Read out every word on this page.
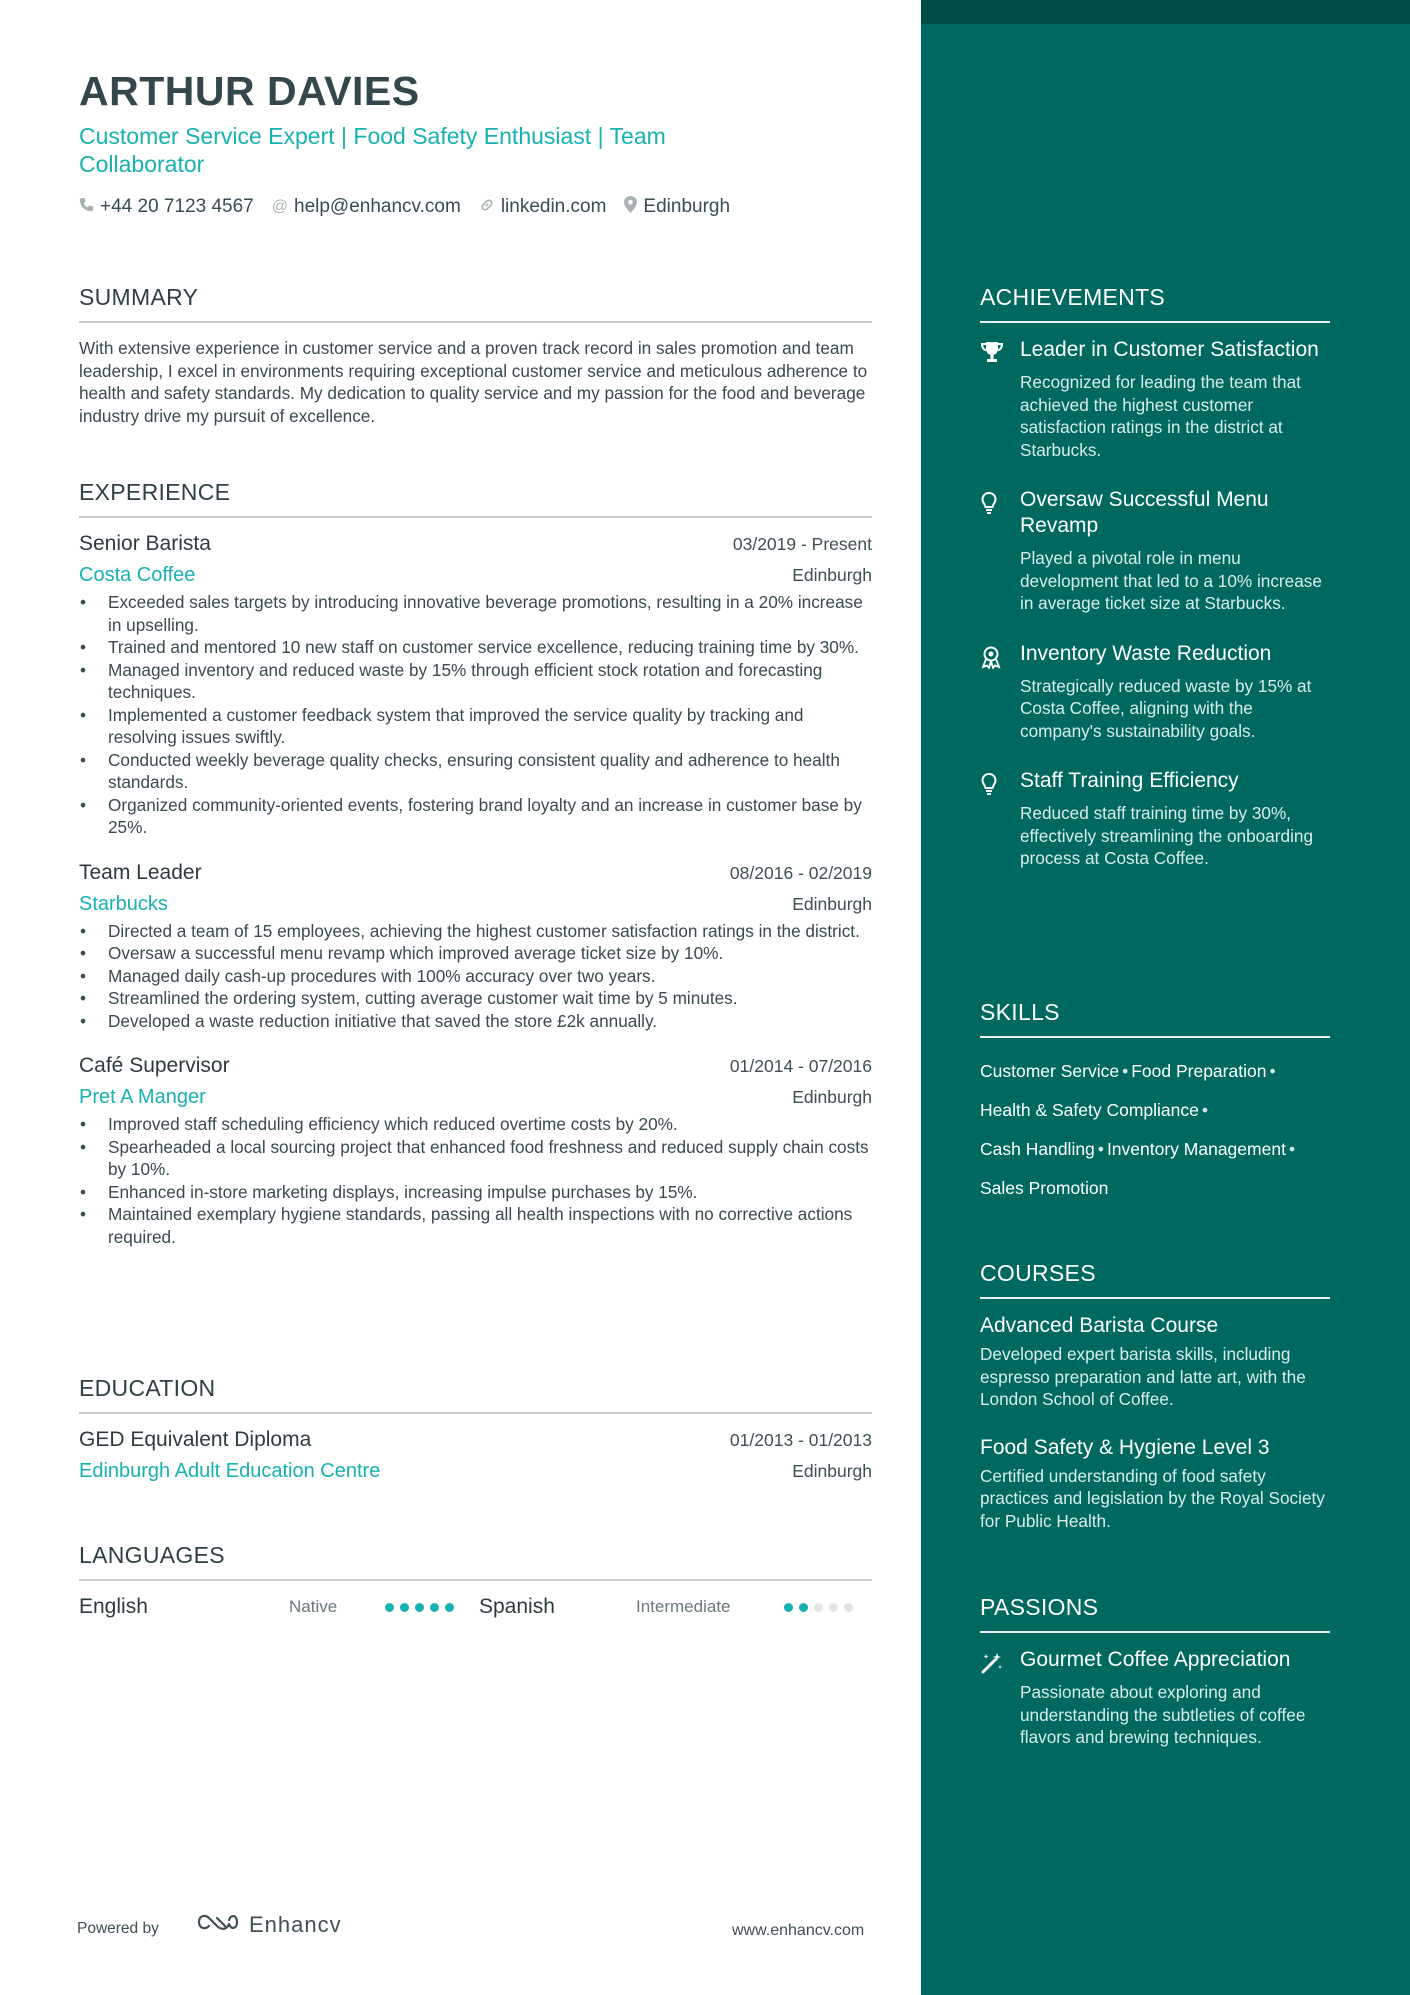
ARTHUR DAVIES
Customer Service Expert | Food Safety Enthusiast | Team Collaborator
+44 20 7123 4567 @ help@enhancv.com linkedin.com Edinburgh
SUMMARY
With extensive experience in customer service and a proven track record in sales promotion and team leadership, I excel in environments requiring exceptional customer service and meticulous adherence to health and safety standards. My dedication to quality service and my passion for the food and beverage industry drive my pursuit of excellence.
EXPERIENCE
Senior Barista	03/2019 - Present
Costa Coffee	Edinburgh
• Exceeded sales targets by introducing innovative beverage promotions, resulting in a 20% increase in upselling.
• Trained and mentored 10 new staff on customer service excellence, reducing training time by 30%.
• Managed inventory and reduced waste by 15% through efficient stock rotation and forecasting techniques.
• Implemented a customer feedback system that improved the service quality by tracking and resolving issues swiftly.
• Conducted weekly beverage quality checks, ensuring consistent quality and adherence to health standards.
• Organized community-oriented events, fostering brand loyalty and an increase in customer base by 25%.
Team Leader	08/2016 - 02/2019
Starbucks	Edinburgh
• Directed a team of 15 employees, achieving the highest customer satisfaction ratings in the district.
• Oversaw a successful menu revamp which improved average ticket size by 10%.
• Managed daily cash-up procedures with 100% accuracy over two years.
• Streamlined the ordering system, cutting average customer wait time by 5 minutes.
• Developed a waste reduction initiative that saved the store £2k annually.
Café Supervisor	01/2014 - 07/2016
Pret A Manger	Edinburgh
• Improved staff scheduling efficiency which reduced overtime costs by 20%.
• Spearheaded a local sourcing project that enhanced food freshness and reduced supply chain costs by 10%.
• Enhanced in-store marketing displays, increasing impulse purchases by 15%.
• Maintained exemplary hygiene standards, passing all health inspections with no corrective actions required.
EDUCATION
GED Equivalent Diploma	01/2013 - 01/2013
Edinburgh Adult Education Centre	Edinburgh
LANGUAGES
English	Native	Spanish	Intermediate
Powered by	Enhancv	www.enhancv.com
ACHIEVEMENTS
Leader in Customer Satisfaction
Recognized for leading the team that achieved the highest customer satisfaction ratings in the district at Starbucks.
Oversaw Successful Menu Revamp
Played a pivotal role in menu development that led to a 10% increase in average ticket size at Starbucks.
Inventory Waste Reduction
Strategically reduced waste by 15% at Costa Coffee, aligning with the company's sustainability goals.
Staff Training Efficiency
Reduced staff training time by 30%, effectively streamlining the onboarding process at Costa Coffee.
SKILLS
Customer Service • Food Preparation •
Health & Safety Compliance •
Cash Handling • Inventory Management •
Sales Promotion
COURSES
Advanced Barista Course
Developed expert barista skills, including espresso preparation and latte art, with the London School of Coffee.
Food Safety & Hygiene Level 3
Certified understanding of food safety practices and legislation by the Royal Society for Public Health.
PASSIONS
Gourmet Coffee Appreciation
Passionate about exploring and understanding the subtleties of coffee flavors and brewing techniques.
